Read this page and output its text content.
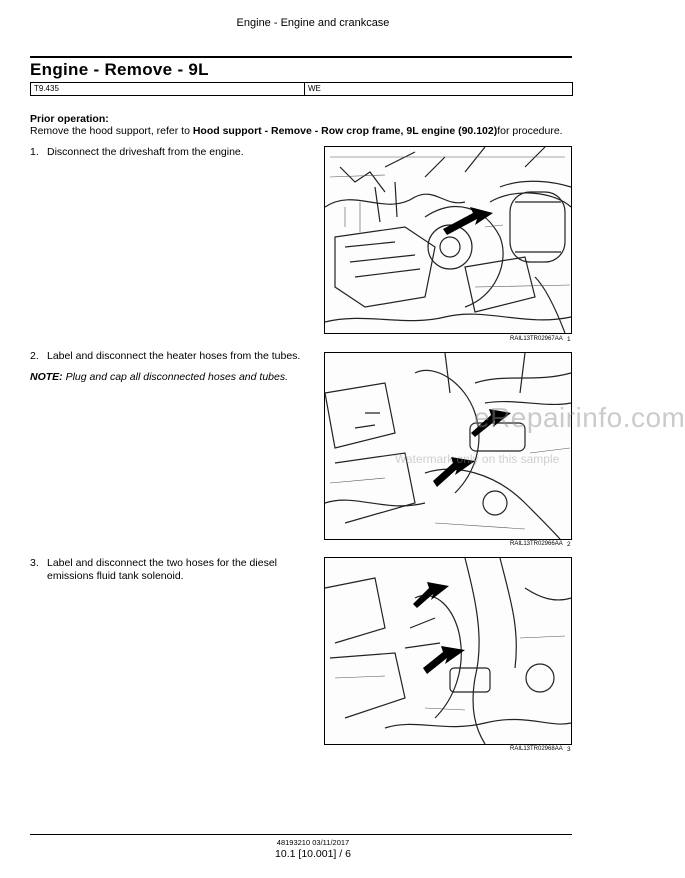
Engine - Engine and crankcase
Engine - Remove - 9L
T9.435	WE
Prior operation:
Remove the hood support, refer to Hood support - Remove - Row crop frame, 9L engine (90.102)for procedure.
1. Disconnect the driveshaft from the engine.
2. Label and disconnect the heater hoses from the tubes.
NOTE: Plug and cap all disconnected hoses and tubes.
3. Label and disconnect the two hoses for the diesel emissions fluid tank solenoid.
RAIL13TR02967AA 1
RAIL13TR02966AA 2
RAIL13TR02968AA 3
eRepairinfo.com
Watermark only on this sample
48193210 03/11/2017
10.1 [10.001] / 6
